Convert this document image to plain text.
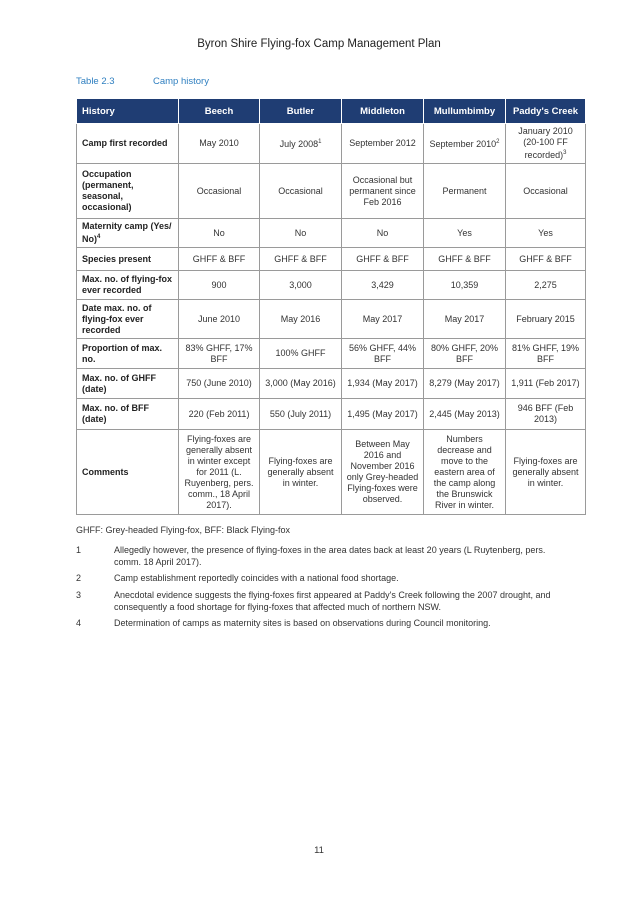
Byron Shire Flying-fox Camp Management Plan
Table 2.3	Camp history
History	Beech	Butler	Middleton	Mullumbimby	Paddy's Creek
Camp first recorded	May 2010	July 2008$^1$	September 2012	September 2010$^2$	January 2010 (20-100 FF recorded)$^3$
Occupation (permanent, seasonal, occasional)	Occasional	Occasional	Occasional but permanent since Feb 2016	Permanent	Occasional
Maternity camp (Yes/ No)$^4$	No	No	No	Yes	Yes
Species present	GHFF & BFF	GHFF & BFF	GHFF & BFF	GHFF & BFF	GHFF & BFF
Max. no. of flying-fox ever recorded	900	3,000	3,429	10,359	2,275
Date max. no. of flying-fox ever recorded	June 2010	May 2016	May 2017	May 2017	February 2015
Proportion of max. no.	83% GHFF, 17% BFF	100% GHFF	56% GHFF, 44% BFF	80% GHFF, 20% BFF	81% GHFF, 19% BFF
Max. no. of GHFF (date)	750 (June 2010)	3,000 (May 2016)	1,934 (May 2017)	8,279 (May 2017)	1,911 (Feb 2017)
Max. no. of BFF (date)	220 (Feb 2011)	550 (July 2011)	1,495 (May 2017)	2,445 (May 2013)	946 BFF (Feb 2013)
Comments	Flying-foxes are generally absent in winter except for 2011 (L. Ruyenberg, pers. comm., 18 April 2017).	Flying-foxes are generally absent in winter.	Between May 2016 and November 2016 only Grey-headed Flying-foxes were observed.	Numbers decrease and move to the eastern area of the camp along the Brunswick River in winter.	Flying-foxes are generally absent in winter.
GHFF: Grey-headed Flying-fox, BFF: Black Flying-fox
1	Allegedly however, the presence of flying-foxes in the area dates back at least 20 years (L Ruytenberg, pers. comm. 18 April 2017).
2	Camp establishment reportedly coincides with a national food shortage.
3	Anecdotal evidence suggests the flying-foxes first appeared at Paddy's Creek following the 2007 drought, and consequently a food shortage for flying-foxes that affected much of northern NSW.
4	Determination of camps as maternity sites is based on observations during Council monitoring.
11
